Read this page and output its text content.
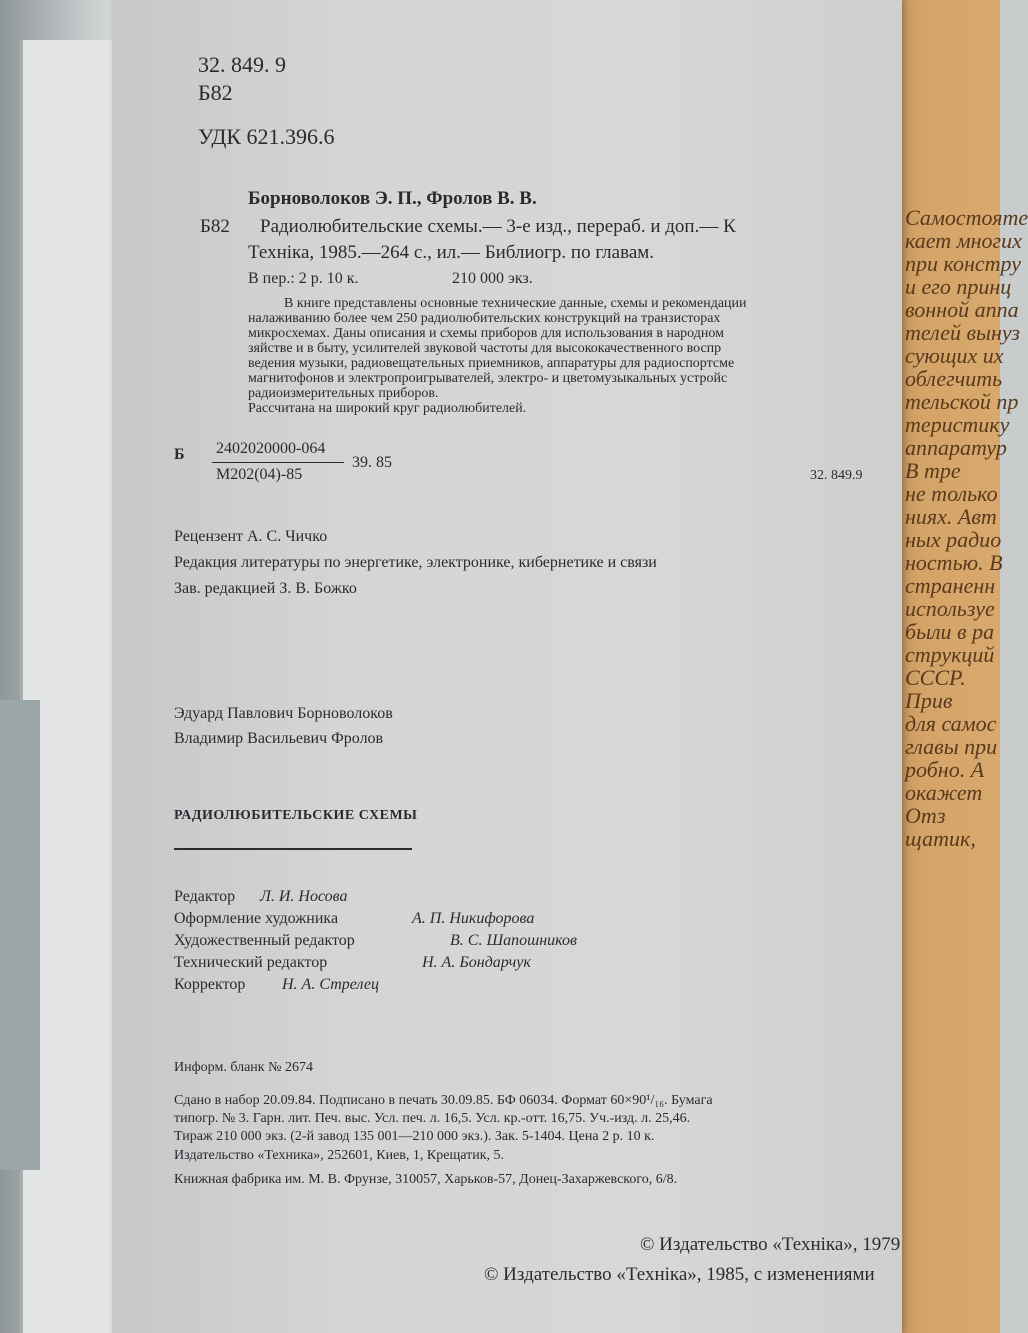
Самостояте
кает многих
при констру
и его принц
вонной аппа
телей вынуз
сующих их
облегчить
тельской пр
теристику
аппаратур
В тре
не только
ниях. Авт
ных радио
ностью. В
страненн
используе
были в ра
струкций
СССР.
Прив
для самос
главы при
робно. А
окажет
Отз
щатик,
32. 849. 9
Б82
УДК 621.396.6
Борноволоков Э. П., Фролов В. В.
Б82 Радиолюбительские схемы.— 3-е изд., перераб. и доп.— К
Техніка, 1985.—264 с., ил.— Библиогр. по главам.
В пер.: 2 р. 10 к.	210 000 экз.
В книге представлены основные технические данные, схемы и рекомендации
налаживанию более чем 250 радиолюбительских конструкций на транзисторах
микросхемах. Даны описания и схемы приборов для использования в народном
зяйстве и в быту, усилителей звуковой частоты для высококачественного воспр
ведения музыки, радиовещательных приемников, аппаратуры для радиоспортсме
магнитофонов и электропроигрывателей, электро- и цветомузыкальных устройс
радиоизмерительных приборов.
Рассчитана на широкий круг радиолюбителей.
Б 2402020000-064
М202(04)-85
39. 85
32. 849.9
Рецензент А. С. Чичко
Редакция литературы по энергетике, электронике, кибернетике и связи
Зав. редакцией З. В. Божко
Эдуард Павлович Борноволоков
Владимир Васильевич Фролов
РАДИОЛЮБИТЕЛЬСКИЕ СХЕМЫ
Редактор Л. И. Носова
Оформление художника	А. П. Никифорова
Художественный редактор	В. С. Шапошников
Технический редактор	Н. А. Бондарчук
Корректор Н. А. Стрелец
Информ. бланк № 2674
Сдано в набор 20.09.84. Подписано в печать 30.09.85. БФ 06034. Формат 60×90¹/₁₆. Бумага
типогр. № 3. Гарн. лит. Печ. выс. Усл. печ. л. 16,5. Усл. кр.-отт. 16,75. Уч.-изд. л. 25,46.
Тираж 210 000 экз. (2-й завод 135 001—210 000 экз.). Зак. 5-1404. Цена 2 р. 10 к.
Издательство «Техника», 252601, Киев, 1, Крещатик, 5.
Книжная фабрика им. М. В. Фрунзе, 310057, Харьков-57, Донец-Захаржевского, 6/8.
© Издательство «Техніка», 1979
© Издательство «Техніка», 1985, с изменениями
